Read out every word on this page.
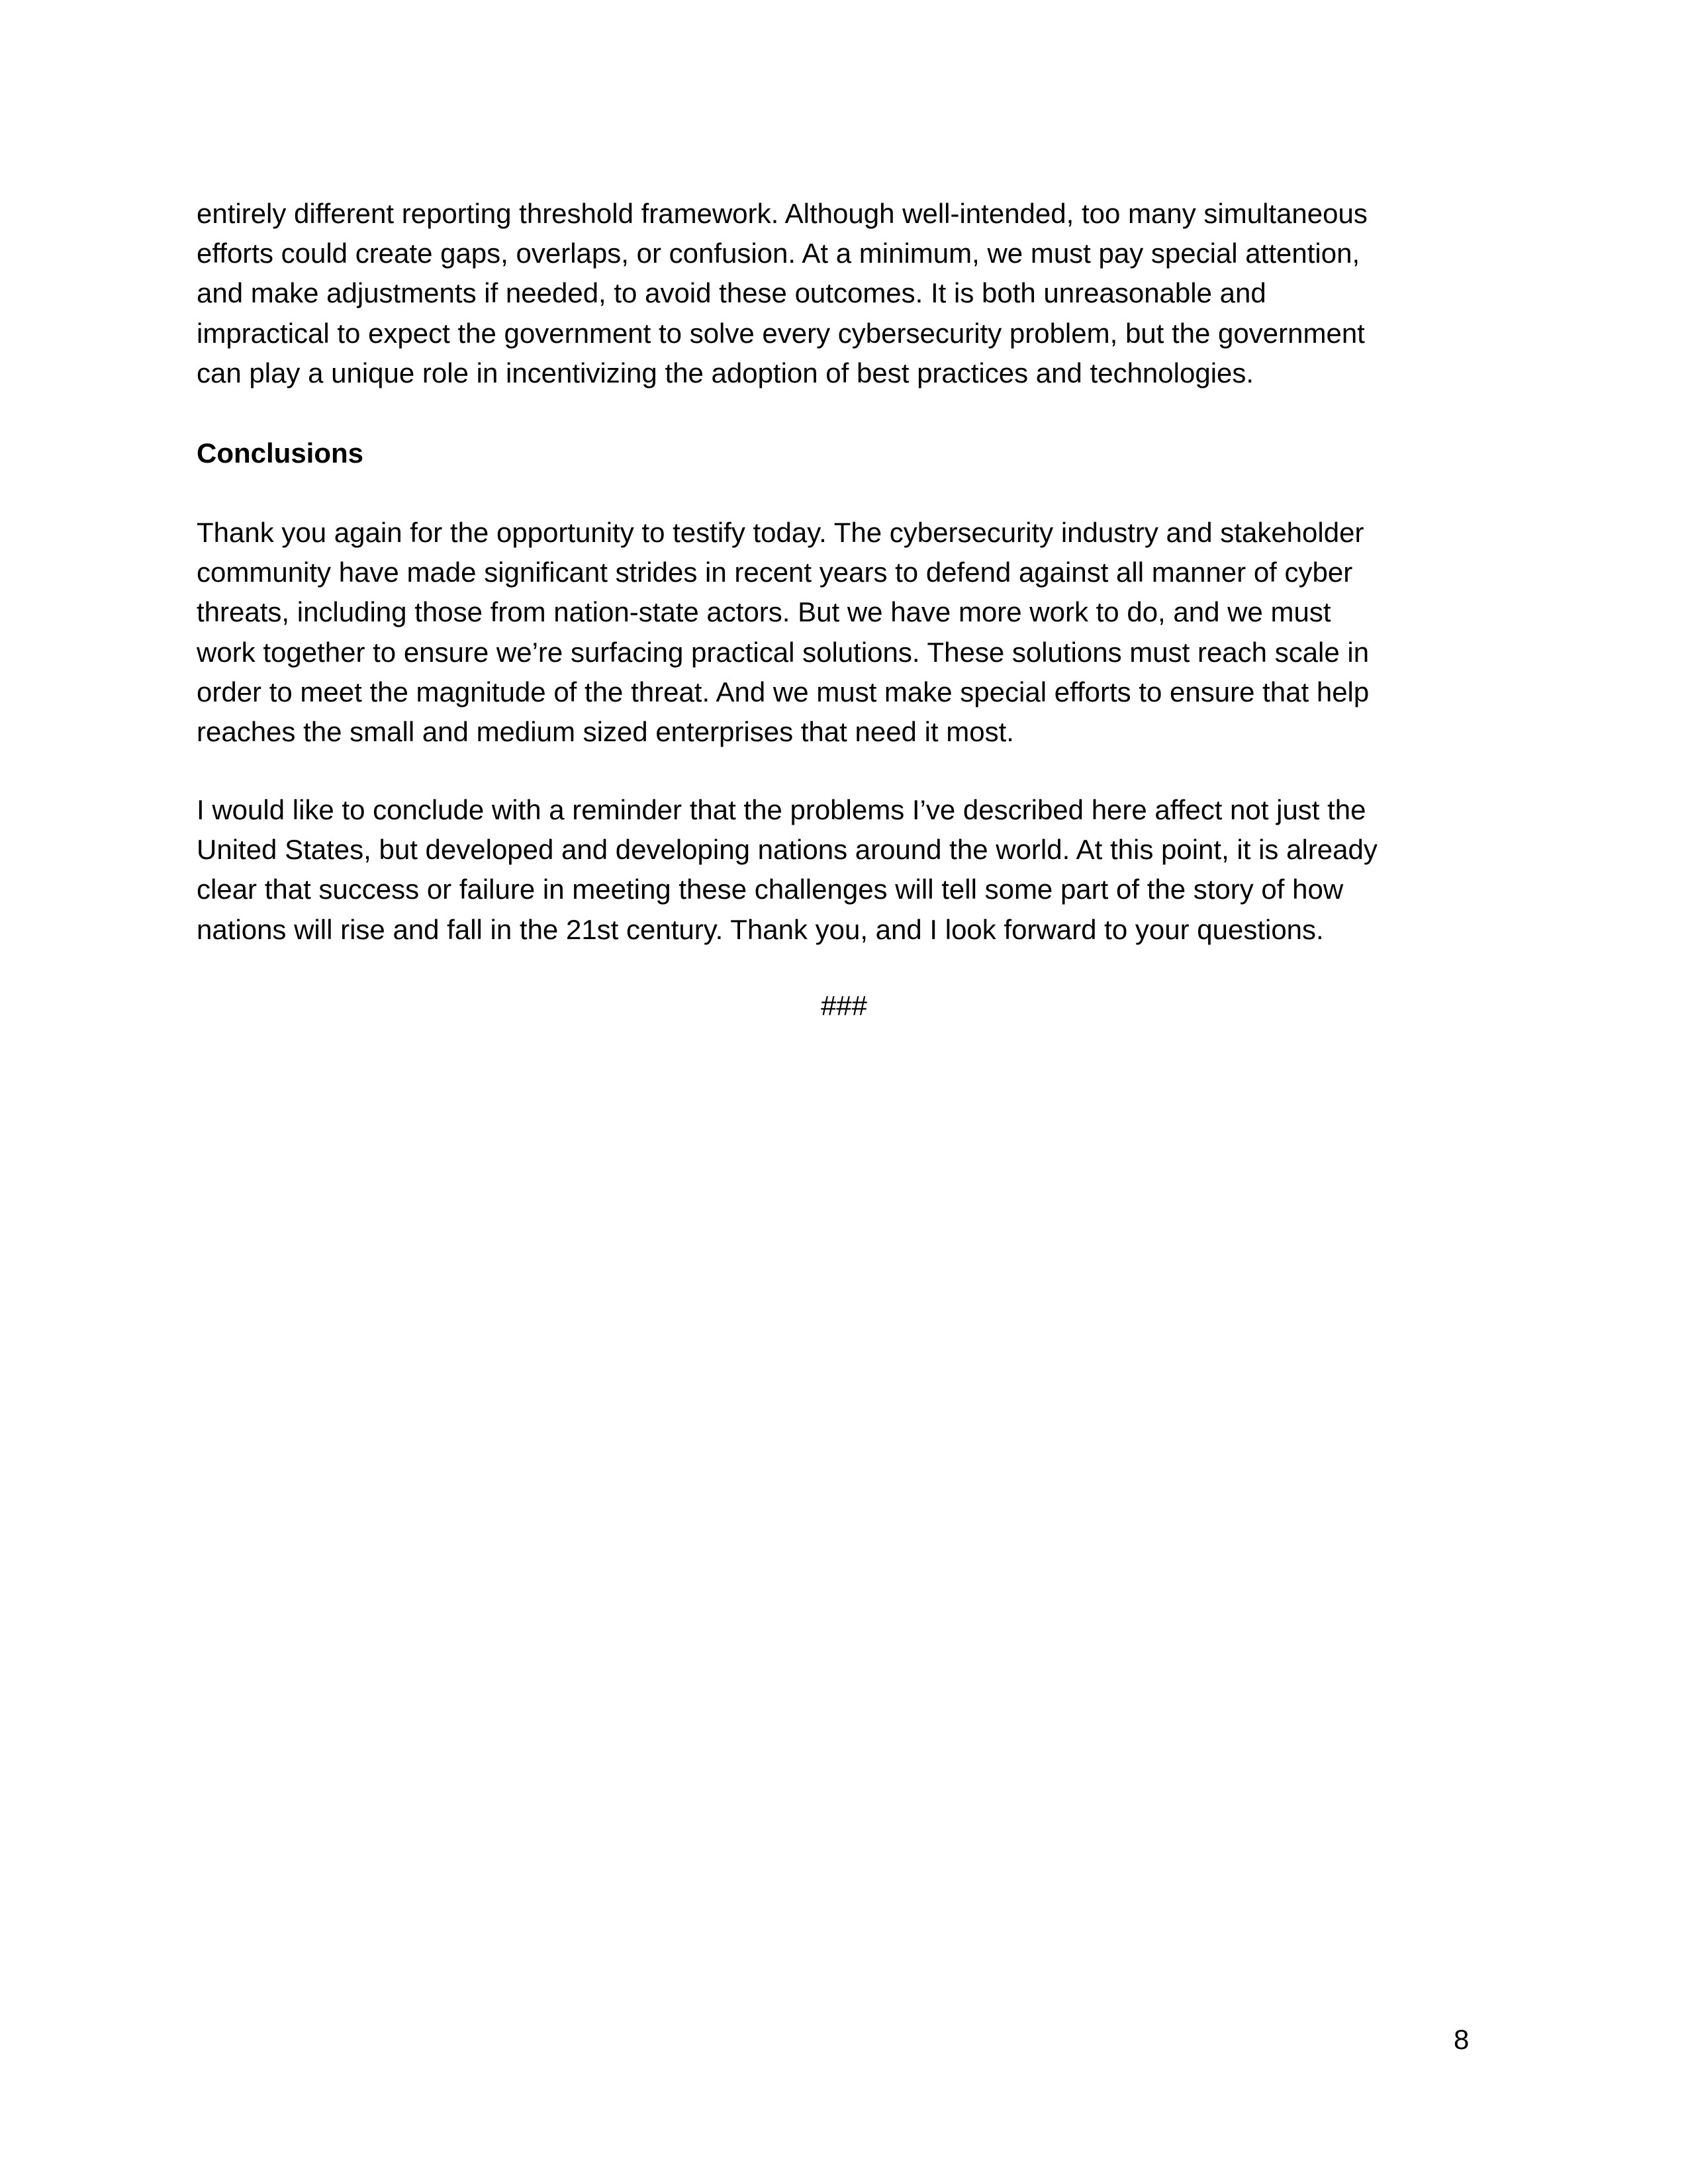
entirely different reporting threshold framework. Although well-intended, too many simultaneous
efforts could create gaps, overlaps, or confusion. At a minimum, we must pay special attention,
and make adjustments if needed, to avoid these outcomes. It is both unreasonable and
impractical to expect the government to solve every cybersecurity problem, but the government
can play a unique role in incentivizing the adoption of best practices and technologies.
Conclusions
Thank you again for the opportunity to testify today. The cybersecurity industry and stakeholder
community have made significant strides in recent years to defend against all manner of cyber
threats, including those from nation-state actors. But we have more work to do, and we must
work together to ensure we’re surfacing practical solutions. These solutions must reach scale in
order to meet the magnitude of the threat. And we must make special efforts to ensure that help
reaches the small and medium sized enterprises that need it most.
I would like to conclude with a reminder that the problems I’ve described here affect not just the
United States, but developed and developing nations around the world. At this point, it is already
clear that success or failure in meeting these challenges will tell some part of the story of how
nations will rise and fall in the 21st century. Thank you, and I look forward to your questions.
###
8
